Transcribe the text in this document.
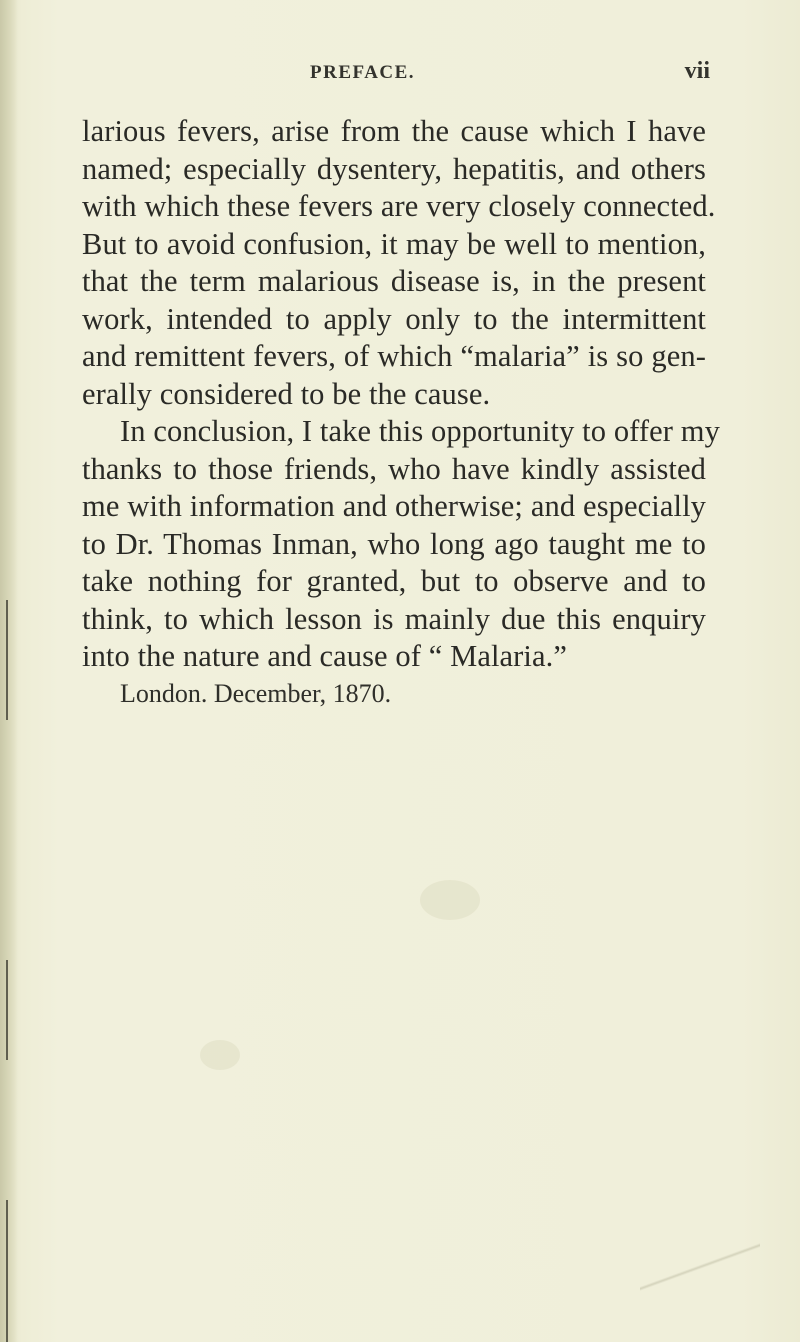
PREFACE.	vii
larious fevers, arise from the cause which I have
named; especially dysentery, hepatitis, and others
with which these fevers are very closely connected.
But to avoid confusion, it may be well to mention,
that the term malarious disease is, in the present
work, intended to apply only to the intermittent
and remittent fevers, of which “malaria” is so gen-
erally considered to be the cause.
In conclusion, I take this opportunity to offer my
thanks to those friends, who have kindly assisted
me with information and otherwise; and especially
to Dr. Thomas Inman, who long ago taught me to
take nothing for granted, but to observe and to
think, to which lesson is mainly due this enquiry
into the nature and cause of “ Malaria.”
London. December, 1870.
